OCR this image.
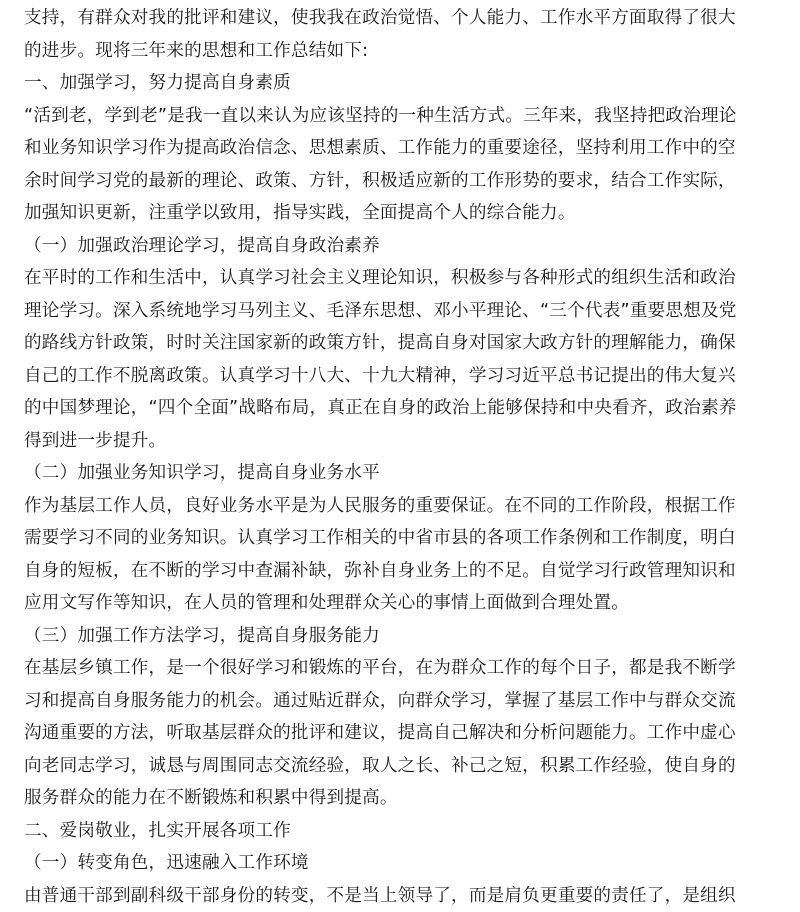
支持，有群众对我的批评和建议，使我我在政治觉悟、个人能力、工作水平方面取得了很大
的进步。现将三年来的思想和工作总结如下:
一、加强学习，努力提高自身素质
“活到老，学到老”是我一直以来认为应该坚持的一种生活方式。三年来，我坚持把政治理论
和业务知识学习作为提高政治信念、思想素质、工作能力的重要途径，坚持利用工作中的空
余时间学习党的最新的理论、政策、方针，积极适应新的工作形势的要求，结合工作实际，
加强知识更新，注重学以致用，指导实践，全面提高个人的综合能力。
（一）加强政治理论学习，提高自身政治素养
在平时的工作和生活中，认真学习社会主义理论知识，积极参与各种形式的组织生活和政治
理论学习。深入系统地学习马列主义、毛泽东思想、邓小平理论、“三个代表”重要思想及党
的路线方针政策，时时关注国家新的政策方针，提高自身对国家大政方针的理解能力，确保
自己的工作不脱离政策。认真学习十八大、十九大精神，学习习近平总书记提出的伟大复兴
的中国梦理论，“四个全面”战略布局，真正在自身的政治上能够保持和中央看齐，政治素养
得到进一步提升。
（二）加强业务知识学习，提高自身业务水平
作为基层工作人员，良好业务水平是为人民服务的重要保证。在不同的工作阶段，根据工作
需要学习不同的业务知识。认真学习工作相关的中省市县的各项工作条例和工作制度，明白
自身的短板，在不断的学习中查漏补缺，弥补自身业务上的不足。自觉学习行政管理知识和
应用文写作等知识，在人员的管理和处理群众关心的事情上面做到合理处置。
（三）加强工作方法学习，提高自身服务能力
在基层乡镇工作，是一个很好学习和锻炼的平台，在为群众工作的每个日子，都是我不断学
习和提高自身服务能力的机会。通过贴近群众，向群众学习，掌握了基层工作中与群众交流
沟通重要的方法，听取基层群众的批评和建议，提高自己解决和分析问题能力。工作中虚心
向老同志学习，诚恳与周围同志交流经验，取人之长、补己之短，积累工作经验，使自身的
服务群众的能力在不断锻炼和积累中得到提高。
二、爱岗敬业，扎实开展各项工作
（一）转变角色，迅速融入工作环境
由普通干部到副科级干部身份的转变，不是当上领导了，而是肩负更重要的责任了，是组织
